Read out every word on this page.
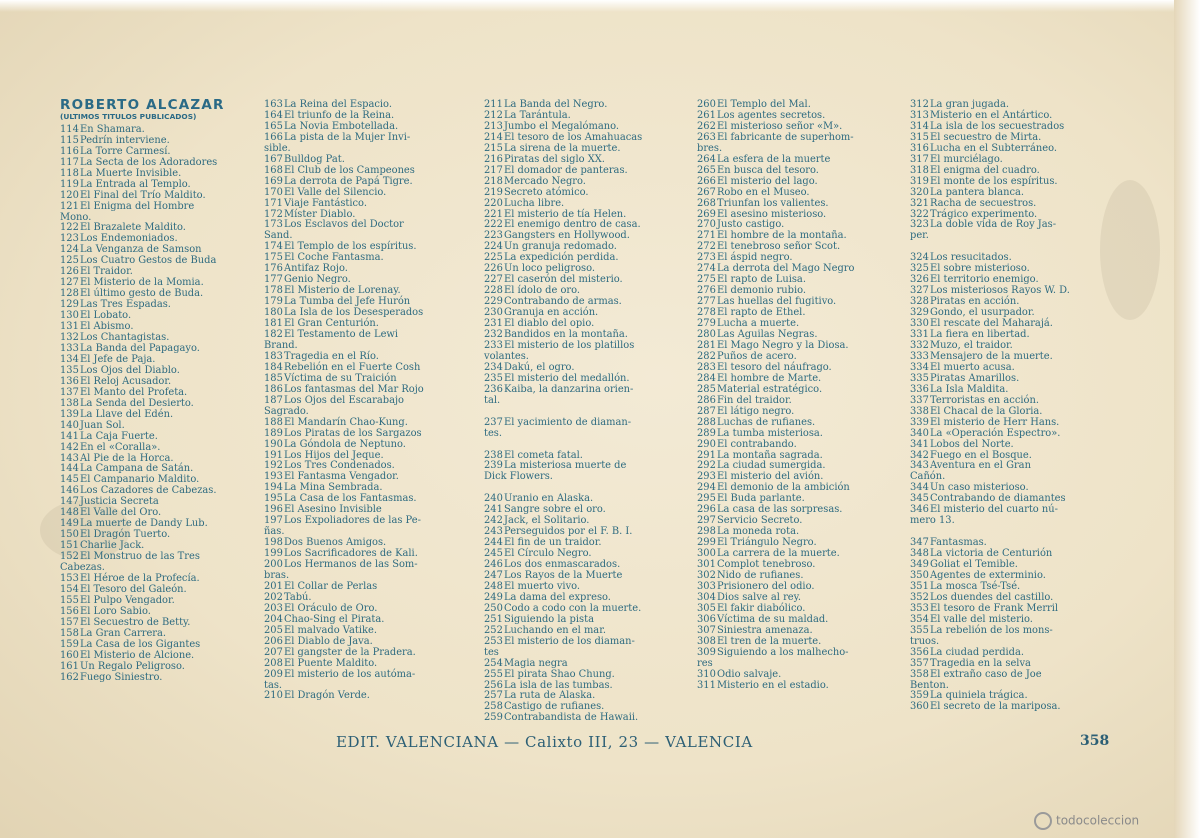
ROBERTO ALCAZAR
(ULTIMOS TITULOS PUBLICADOS)
114En Shamara.
115Pedrín interviene.
116La Torre Carmesí.
117La Secta de los Adoradores
118La Muerte Invisible.
119La Entrada al Templo.
120El Final del Trío Maldito.
121El Enigma del Hombre
Mono.
122El Brazalete Maldito.
123Los Endemoniados.
124La Venganza de Samson
125Los Cuatro Gestos de Buda
126El Traidor.
127El Misterio de la Momia.
128El último gesto de Buda.
129Las Tres Espadas.
130El Lobato.
131El Abismo.
132Los Chantagistas.
133La Banda del Papagayo.
134El Jefe de Paja.
135Los Ojos del Diablo.
136El Reloj Acusador.
137El Manto del Profeta.
138La Senda del Desierto.
139La Llave del Edén.
140Juan Sol.
141La Caja Fuerte.
142En el «Coralla».
143Al Pie de la Horca.
144La Campana de Satán.
145El Campanario Maldito.
146Los Cazadores de Cabezas.
147Justicia Secreta
148El Valle del Oro.
149La muerte de Dandy Lub.
150El Dragón Tuerto.
151Charlie Jack.
152El Monstruo de las Tres
Cabezas.
153El Héroe de la Profecía.
154El Tesoro del Galeón.
155El Pulpo Vengador.
156El Loro Sabio.
157El Secuestro de Betty.
158La Gran Carrera.
159La Casa de los Gigantes
160El Misterio de Alcione.
161Un Regalo Peligroso.
162Fuego Siniestro.
163La Reina del Espacio.
164El triunfo de la Reina.
165La Novia Embotellada.
166La pista de la Mujer Invi-
sible.
167Bulldog Pat.
168El Club de los Campeones
169La derrota de Papá Tigre.
170El Valle del Silencio.
171Viaje Fantástico.
172Míster Diablo.
173Los Esclavos del Doctor
Sand.
174El Templo de los espíritus.
175El Coche Fantasma.
176Antifaz Rojo.
177Genio Negro.
178El Misterio de Lorenay.
179La Tumba del Jefe Hurón
180La Isla de los Desesperados
181El Gran Centurión.
182El Testamento de Lewi
Brand.
183Tragedia en el Río.
184Rebelión en el Fuerte Cosh
185Víctima de su Traición
186Los fantasmas del Mar Rojo
187Los Ojos del Escarabajo
Sagrado.
188El Mandarín Chao-Kung.
189Los Piratas de los Sargazos
190La Góndola de Neptuno.
191Los Hijos del Jeque.
192Los Tres Condenados.
193El Fantasma Vengador.
194La Mina Sembrada.
195La Casa de los Fantasmas.
196El Asesino Invisible
197Los Expoliadores de las Pe-
ñas.
198Dos Buenos Amigos.
199Los Sacrificadores de Kali.
200Los Hermanos de las Som-
bras.
201El Collar de Perlas
202Tabú.
203El Oráculo de Oro.
204Chao-Sing el Pirata.
205El malvado Vatike.
206El Diablo de Java.
207El gangster de la Pradera.
208El Puente Maldito.
209El misterio de los autóma-
tas.
210El Dragón Verde.
211La Banda del Negro.
212La Tarántula.
213Jumbo el Megalómano.
214El tesoro de los Amahuacas
215La sirena de la muerte.
216Piratas del siglo XX.
217El domador de panteras.
218Mercado Negro.
219Secreto atómico.
220Lucha libre.
221El misterio de tía Helen.
222El enemigo dentro de casa.
223Gangsters en Hollywood.
224Un granuja redomado.
225La expedición perdida.
226Un loco peligroso.
227El caserón del misterio.
228El ídolo de oro.
229Contrabando de armas.
230Granuja en acción.
231El diablo del opio.
232Bandidos en la montaña.
233El misterio de los platillos
volantes.
234Dakú, el ogro.
235El misterio del medallón.
236Kaiba, la danzarina orien-
tal.

237El yacimiento de diaman-
tes.

238El cometa fatal.
239La misteriosa muerte de
Dick Flowers.

240Uranio en Alaska.
241Sangre sobre el oro.
242Jack, el Solitario.
243Perseguidos por el F. B. I.
244El fin de un traidor.
245El Círculo Negro.
246Los dos enmascarados.
247Los Rayos de la Muerte
248El muerto vivo.
249La dama del expreso.
250Codo a codo con la muerte.
251Siguiendo la pista
252Luchando en el mar.
253El misterio de los diaman-
tes
254Magia negra
255El pirata Shao Chung.
256La isla de las tumbas.
257La ruta de Alaska.
258Castigo de rufianes.
259Contrabandista de Hawaii.
260El Templo del Mal.
261Los agentes secretos.
262El misterioso señor «M».
263El fabricante de superhom-
bres.
264La esfera de la muerte
265En busca del tesoro.
266El misterio del lago.
267Robo en el Museo.
268Triunfan los valientes.
269El asesino misterioso.
270Justo castigo.
271El hombre de la montaña.
272El tenebroso señor Scot.
273El áspid negro.
274La derrota del Mago Negro
275El rapto de Luisa.
276El demonio rubio.
277Las huellas del fugitivo.
278El rapto de Ethel.
279Lucha a muerte.
280Las Aguilas Negras.
281El Mago Negro y la Diosa.
282Puños de acero.
283El tesoro del náufrago.
284El hombre de Marte.
285Material estratégico.
286Fin del traidor.
287El látigo negro.
288Luchas de rufianes.
289La tumba misteriosa.
290El contrabando.
291La montaña sagrada.
292La ciudad sumergida.
293El misterio del avión.
294El demonio de la ambición
295El Buda parlante.
296La casa de las sorpresas.
297Servicio Secreto.
298La moneda rota.
299El Triángulo Negro.
300La carrera de la muerte.
301Complot tenebroso.
302Nido de rufianes.
303Prisionero del odio.
304Dios salve al rey.
305El fakir diabólico.
306Víctima de su maldad.
307Siniestra amenaza.
308El tren de la muerte.
309Siguiendo a los malhecho-
res
310Odio salvaje.
311Misterio en el estadio.
312La gran jugada.
313Misterio en el Antártico.
314La isla de los secuestrados
315El secuestro de Mirta.
316Lucha en el Subterráneo.
317El murciélago.
318El enigma del cuadro.
319El monte de los espíritus.
320La pantera blanca.
321Racha de secuestros.
322Trágico experimento.
323La doble vida de Roy Jas-
per.

324Los resucitados.
325El sobre misterioso.
326El territorio enemigo.
327Los misteriosos Rayos W. D.
328Piratas en acción.
329Gondo, el usurpador.
330El rescate del Maharajá.
331La fiera en libertad.
332Muzo, el traidor.
333Mensajero de la muerte.
334El muerto acusa.
335Piratas Amarillos.
336La Isla Maldita.
337Terroristas en acción.
338El Chacal de la Gloria.
339El misterio de Herr Hans.
340La «Operación Espectro».
341Lobos del Norte.
342Fuego en el Bosque.
343Aventura en el Gran
Cañón.
344Un caso misterioso.
345Contrabando de diamantes
346El misterio del cuarto nú-
mero 13.

347Fantasmas.
348La victoria de Centurión
349Goliat el Temible.
350Agentes de exterminio.
351La mosca Tsé-Tsé.
352Los duendes del castillo.
353El tesoro de Frank Merril
354El valle del misterio.
355La rebelión de los mons-
truos.
356La ciudad perdida.
357Tragedia en la selva
358El extraño caso de Joe
Benton.
359La quiniela trágica.
360El secreto de la mariposa.
EDIT. VALENCIANA — Calixto III, 23 — VALENCIA	358
todocoleccion
